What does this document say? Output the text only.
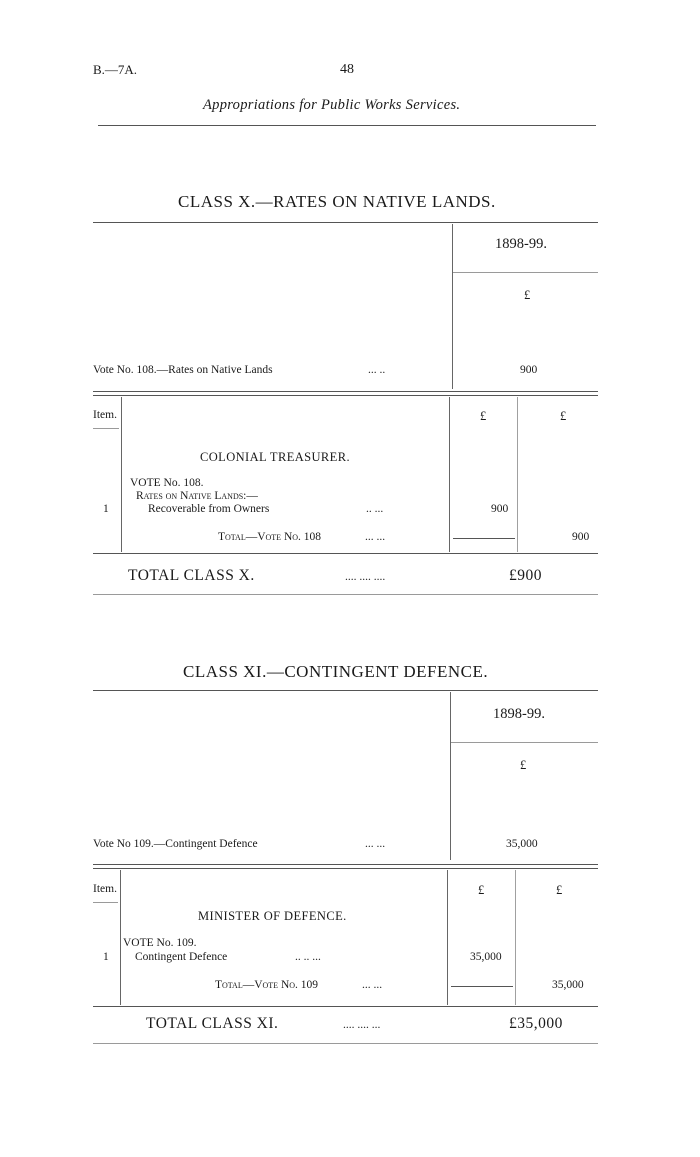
B.—7A.	48
Appropriations for Public Works Services.
CLASS X.—RATES ON NATIVE LANDS.
1898-99.
£
Vote No. 108.—Rates on Native Lands	... ..	900
Item.	£	£
COLONIAL TREASURER.
VOTE No. 108.
Rates on Native Lands:—
1	Recoverable from Owners	.. ...	900
Total—Vote No. 108	... ...	900
TOTAL CLASS X.	.... .... ....	£900
CLASS XI.—CONTINGENT DEFENCE.
1898-99.
£
Vote No 109.—Contingent Defence	... ...	35,000
Item.	£	£
MINISTER OF DEFENCE.
VOTE No. 109.
1 Contingent Defence	.. .. ...	35,000
Total—Vote No. 109	... ...	35,000
TOTAL CLASS XI.	.... .... ...	£35,000
